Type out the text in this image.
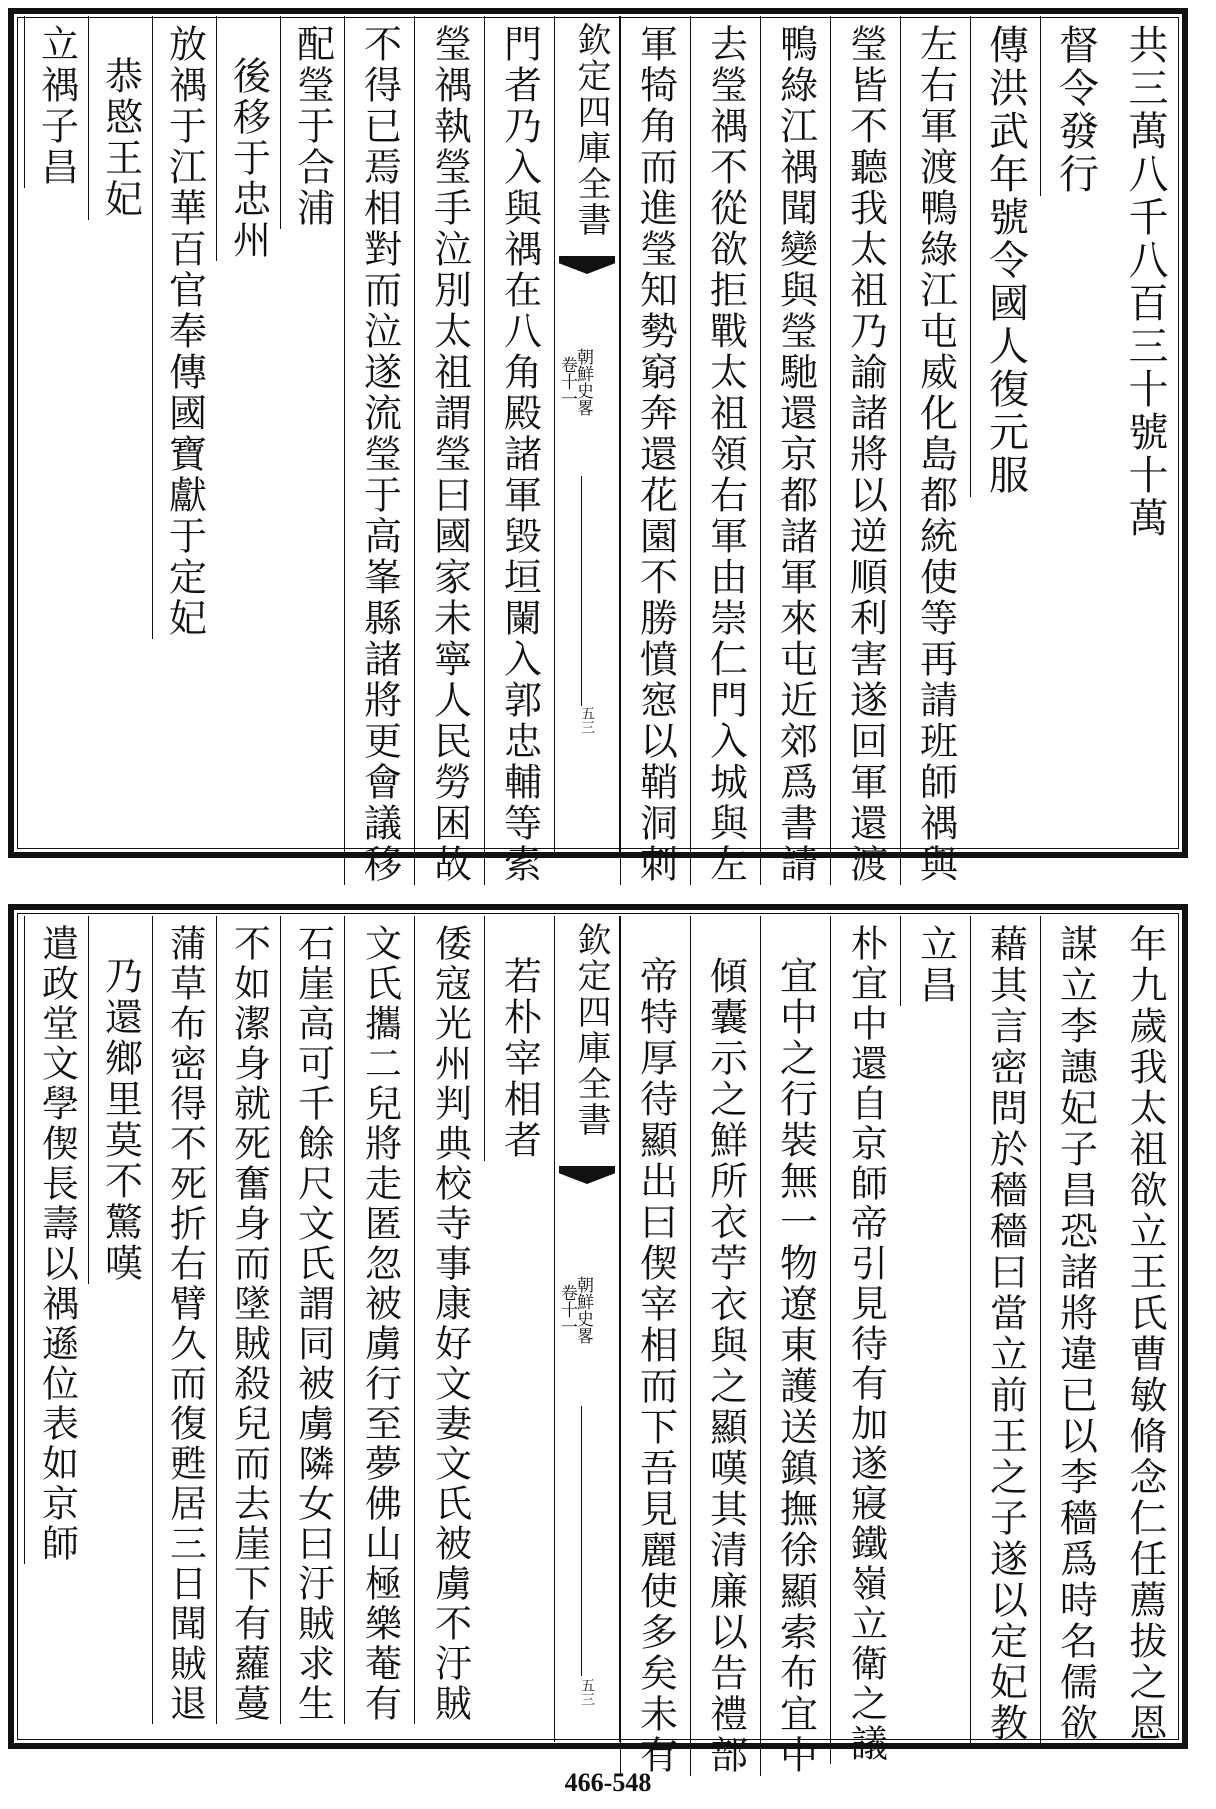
共三萬八千八百三十號十萬
督令發行
傳洪武年號令國人復元服
左右軍渡鴨綠江屯威化島都統使等再請班師禑與
瑩皆不聽我太祖乃諭諸將以逆順利害遂回軍還渡
鴨綠江禑聞變與瑩馳還京都諸軍來屯近郊爲書請
去瑩禑不從欲拒戰太祖領右軍由崇仁門入城與左
軍犄角而進瑩知勢窮奔還花園不勝憤惌以鞘洞刺
欽定四庫全書
朝鮮史畧
卷十一
五三
門者乃入與禑在八角殿諸軍毀垣闌入郭忠輔等索
瑩禑執瑩手泣別太祖謂瑩曰國家未寧人民勞困故
不得已焉相對而泣遂流瑩于高峯縣諸將更會議移
配瑩于合浦
後移于忠州
放禑于江華百官奉傳國寶獻于定妃
恭愍王妃
立禑子昌
年九歲我太祖欲立王氏曹敏脩念仁任薦拔之恩
謀立李譓妃子昌恐諸將違已以李穡爲時名儒欲
藉其言密問於穡穡曰當立前王之子遂以定妃教
立昌
朴宜中還自京師帝引見待有加遂寢鐵嶺立衛之議
宜中之行裝無一物遼東護送鎮撫徐顯索布宜中
傾囊示之鮮所衣苧衣與之顯嘆其清廉以告禮部
帝特厚待顯出曰偰宰相而下吾見麗使多矣未有
欽定四庫全書
朝鮮史畧
卷十一
五三
若朴宰相者
倭寇光州判典校寺事康好文妻文氏被虜不汙賊
文氏攜二兒將走匿忽被虜行至夢佛山極樂菴有
石崖高可千餘尺文氏謂同被虜隣女曰汙賊求生
不如潔身就死奮身而墜賊殺兒而去崖下有蘿蔓
蒲草布密得不死折右臂久而復甦居三日聞賊退
乃還鄉里莫不驚嘆
遣政堂文學偰長壽以禑遜位表如京師
466-548
